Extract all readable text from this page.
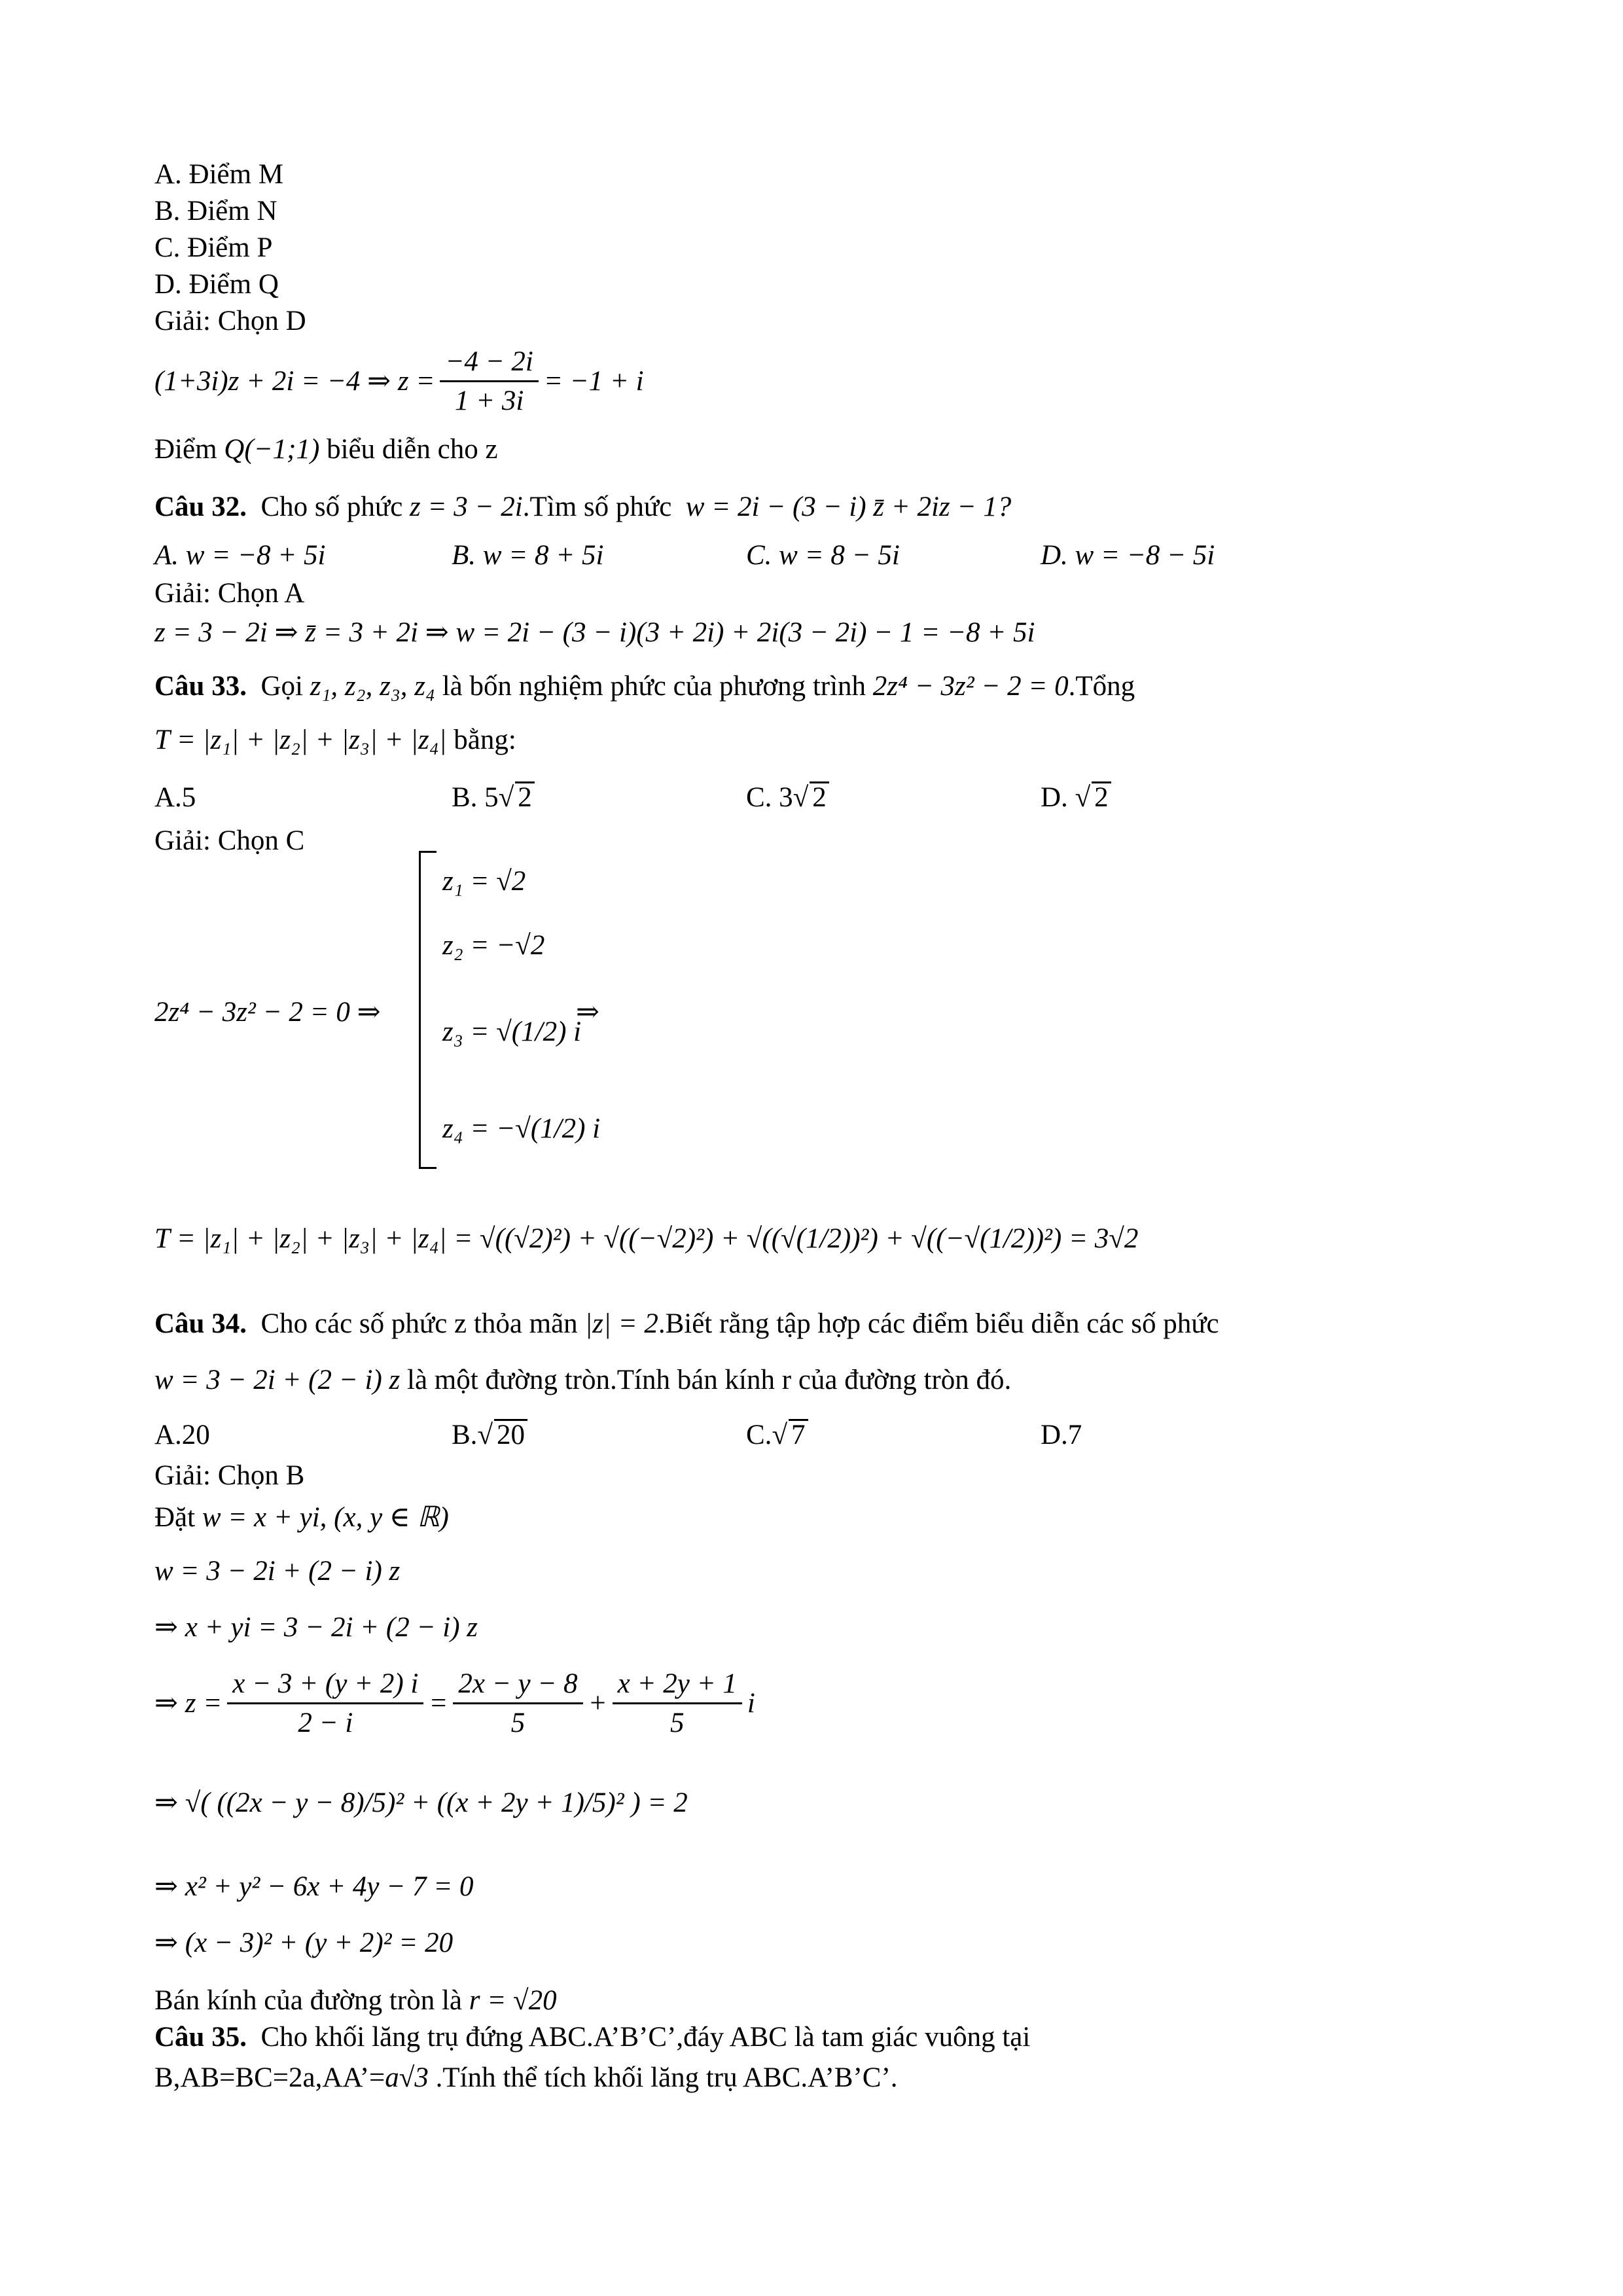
A. Điểm M
B. Điểm N
C. Điểm P
D. Điểm Q
Giải: Chọn D
(1+3i)z + 2i = −4 ⇒ $z = \frac{-4 - 2i}{1 + 3i} = -1 + i$
Điểm Q(−1;1) biểu diễn cho z
Câu 32. Cho số phức z = 3 − 2i.Tìm số phức w = 2i − (3 − i) z̄ + 2iz − 1?
A. w = −8 + 5i	B. w = 8 + 5i	C. w = 8 − 5i	D. w = −8 − 5i
Giải: Chọn A
z = 3 − 2i ⇒ z̄ = 3 + 2i ⇒ w = 2i − (3 − i)(3 + 2i) + 2i(3 − 2i) − 1 = −8 + 5i
Câu 33. Gọi z₁, z₂, z₃, z₄ là bốn nghiệm phức của phương trình 2z⁴ − 3z² − 2 = 0.Tổng
T = |z₁| + |z₂| + |z₃| + |z₄| bằng:
A.5	B. 5√ 2	C. 3√ 2	D. √ 2
Giải: Chọn C
2z⁴ − 3z² − 2 = 0 ⇒
z₁ = √2
z₂ = −√2
z₃ = √(1/2) i
z₄ = −√(1/2) i
⇒
T = |z₁| + |z₂| + |z₃| + |z₄| = √((√2)²) + √((−√2)²) + √((√(1/2))²) + √((−√(1/2))²) = 3√2
Câu 34. Cho các số phức z thỏa mãn |z| = 2.Biết rằng tập hợp các điểm biểu diễn các số phức
w = 3 − 2i + (2 − i) z là một đường tròn.Tính bán kính r của đường tròn đó.
A.20	B.√ 20	C.√ 7	D.7
Giải: Chọn B
Đặt w = x + yi, (x, y ∈ ℝ)
w = 3 − 2i + (2 − i) z
⇒ x + yi = 3 − 2i + (2 − i) z
⇒ $z = \frac{x - 3 + (y + 2) i}{2 - i} = \frac{2x - y - 8}{5} + \frac{x + 2y + 1}{5}$ i
⇒ √( ((2x − y − 8)/5)² + ((x + 2y + 1)/5)² ) = 2
⇒ x² + y² − 6x + 4y − 7 = 0
⇒ (x − 3)² + (y + 2)² = 20
Bán kính của đường tròn là r = √20
Câu 35. Cho khối lăng trụ đứng ABC.A’B’C’,đáy ABC là tam giác vuông tại
B,AB=BC=2a,AA’=a√3 .Tính thể tích khối lăng trụ ABC.A’B’C’.
